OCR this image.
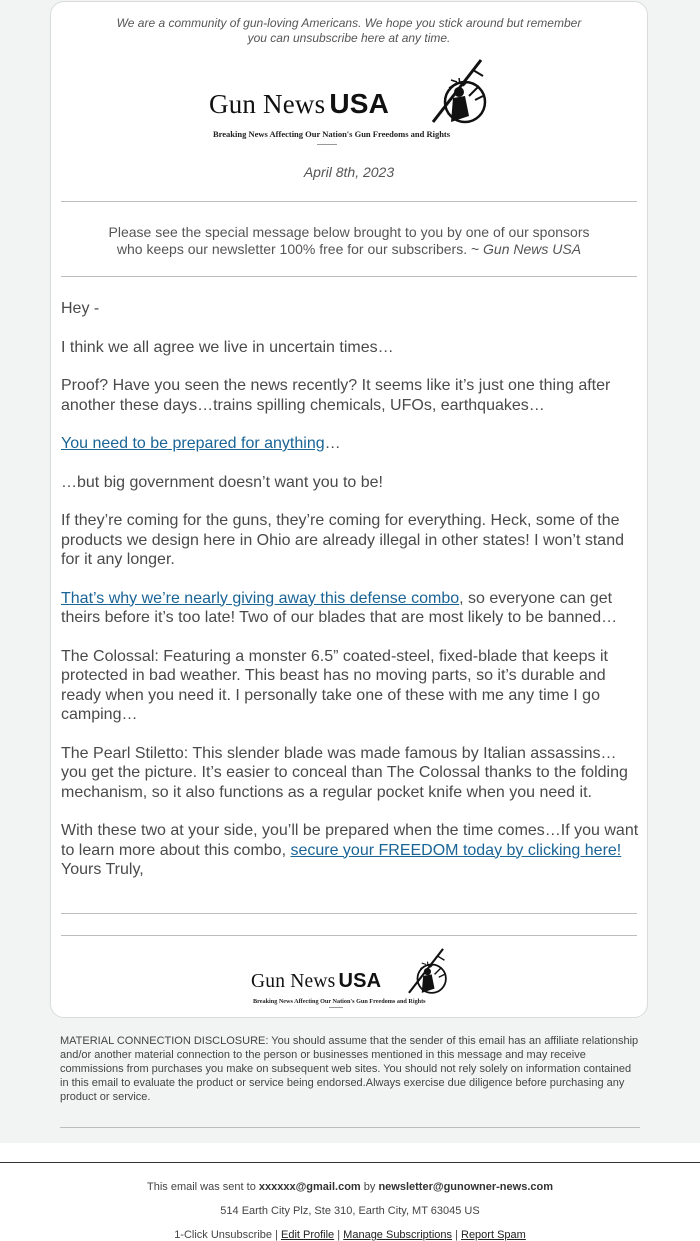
We are a community of gun-loving Americans. We hope you stick around but remember you can unsubscribe here at any time.
Gun News USA
Breaking News Affecting Our Nation's Gun Freedoms and Rights
April 8th, 2023
Please see the special message below brought to you by one of our sponsors
who keeps our newsletter 100% free for our subscribers. ~ Gun News USA

Hey -

I think we all agree we live in uncertain times…

Proof? Have you seen the news recently? It seems like it’s just one thing after another these days…trains spilling chemicals, UFOs, earthquakes…

You need to be prepared for anything…

…but big government doesn’t want you to be!

If they’re coming for the guns, they’re coming for everything. Heck, some of the products we design here in Ohio are already illegal in other states! I won’t stand for it any longer.

That’s why we’re nearly giving away this defense combo, so everyone can get theirs before it’s too late! Two of our blades that are most likely to be banned…

The Colossal: Featuring a monster 6.5” coated-steel, fixed-blade that keeps it protected in bad weather. This beast has no moving parts, so it’s durable and ready when you need it. I personally take one of these with me any time I go camping…

The Pearl Stiletto: This slender blade was made famous by Italian assassins…you get the picture. It’s easier to conceal than The Colossal thanks to the folding mechanism, so it also functions as a regular pocket knife when you need it.

With these two at your side, you’ll be prepared when the time comes…If you want to learn more about this combo, secure your FREEDOM today by clicking here!

Yours Truly,
Gun News USA
Breaking News Affecting Our Nation's Gun Freedoms and Rights
MATERIAL CONNECTION DISCLOSURE: You should assume that the sender of this email has an affiliate relationship and/or another material connection to the person or businesses mentioned in this message and may receive commissions from purchases you make on subsequent web sites. You should not rely solely on information contained in this email to evaluate the product or service being endorsed.Always exercise due diligence before purchasing any product or service.
This email was sent to xxxxxx@gmail.com by newsletter@gunowner-news.com
514 Earth City Plz, Ste 310, Earth City, MT 63045 US
1-Click Unsubscribe | Edit Profile | Manage Subscriptions | Report Spam
